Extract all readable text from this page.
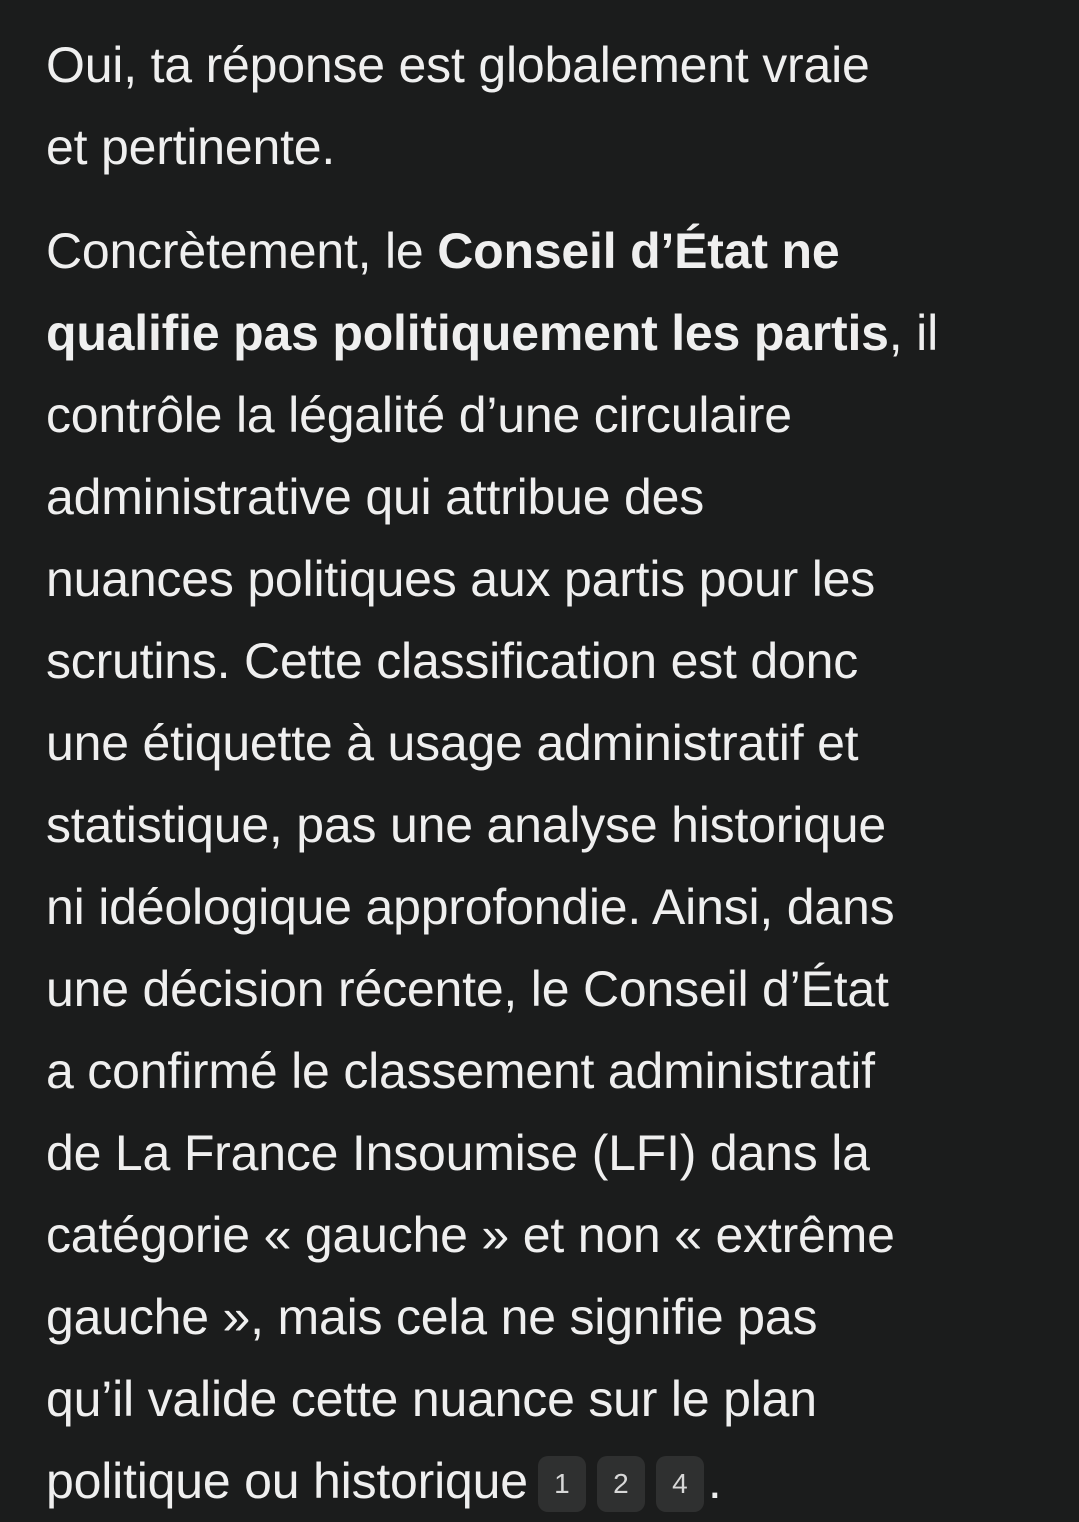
Oui, ta réponse est globalement vraie
et pertinente.

Concrètement, le Conseil d’État ne
qualifie pas politiquement les partis, il
contrôle la légalité d’une circulaire
administrative qui attribue des
nuances politiques aux partis pour les
scrutins. Cette classification est donc
une étiquette à usage administratif et
statistique, pas une analyse historique
ni idéologique approfondie. Ainsi, dans
une décision récente, le Conseil d’État
a confirmé le classement administratif
de La France Insoumise (LFI) dans la
catégorie « gauche » et non « extrême
gauche », mais cela ne signifie pas
qu’il valide cette nuance sur le plan
politique ou historique 1 2 4 .
